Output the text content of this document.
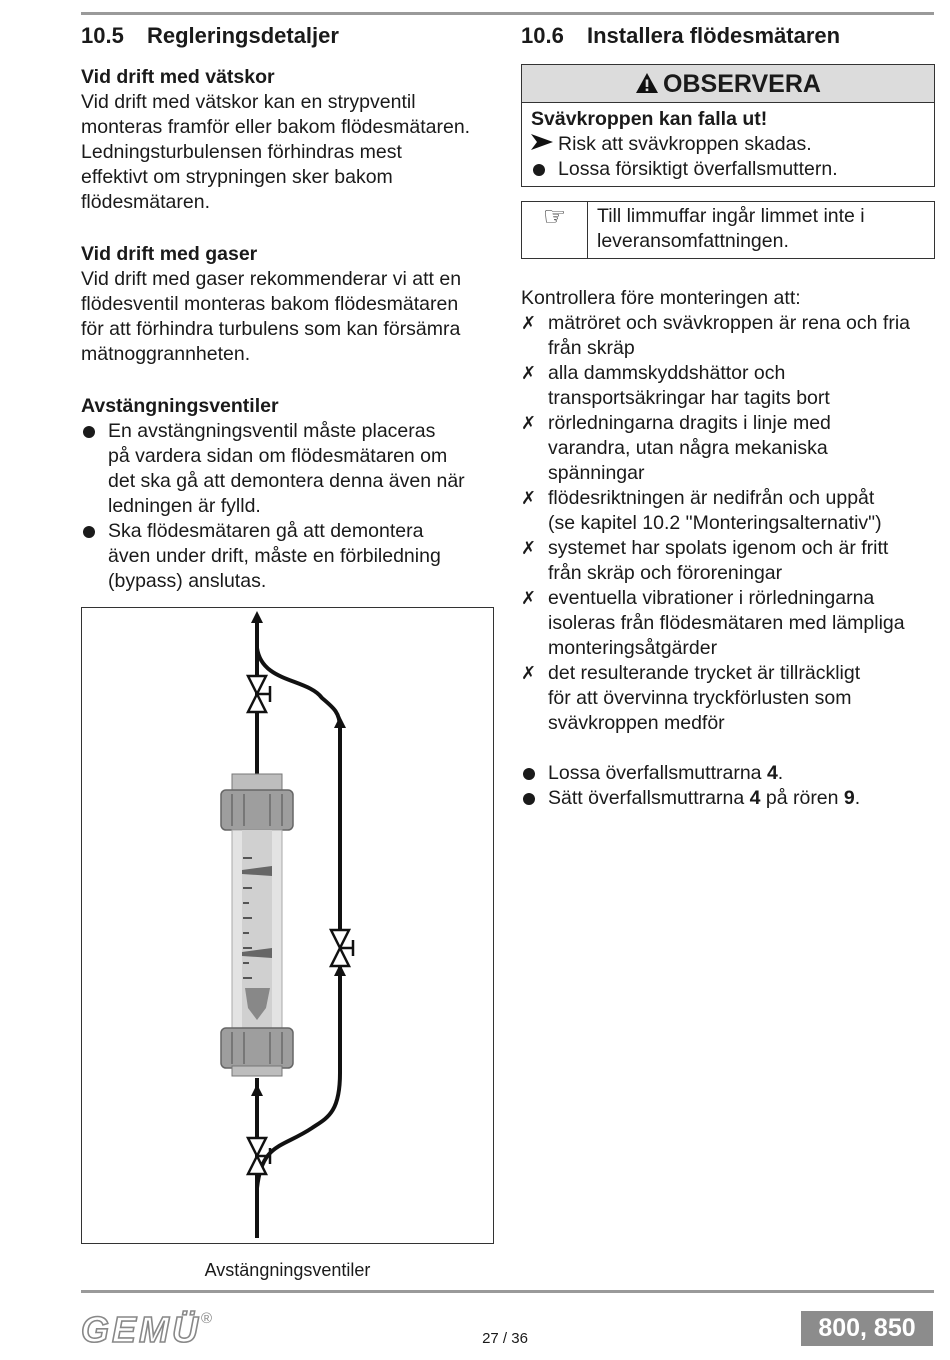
10.5 Regleringsdetaljer
Vid drift med vätskor

Vid drift med vätskor kan en strypventil
monteras framför eller bakom flödesmätaren.
Ledningsturbulensen förhindras mest
effektivt om strypningen sker bakom
flödesmätaren.

Vid drift med gaser

Vid drift med gaser rekommenderar vi att en
flödesventil monteras bakom flödesmätaren
för att förhindra turbulens som kan försämra
mätnoggrannheten.

Avstängningsventiler
En avstängningsventil måste placeras
på vardera sidan om flödesmätaren om
det ska gå att demontera denna även när
ledningen är fylld.
Ska flödesmätaren gå att demontera
även under drift, måste en förbiledning
(bypass) anslutas.
Avstängningsventiler
10.6 Installera flödesmätaren
OBSERVERA
Svävkroppen kan falla ut!
Risk att svävkroppen skadas.
Lossa försiktigt överfallsmuttern.
☞	Till limmuffar ingår limmet inte i
leveransomfattningen.

Kontrollera före monteringen att:

✗ mätröret och svävkroppen är rena och fria
från skräp
✗ alla dammskyddshättor och
transportsäkringar har tagits bort
✗ rörledningarna dragits i linje med
varandra, utan några mekaniska
spänningar
✗ flödesriktningen är nedifrån och uppåt
(se kapitel 10.2 "Monteringsalternativ")
✗ systemet har spolats igenom och är fritt
från skräp och föroreningar
✗ eventuella vibrationer i rörledningarna
isoleras från flödesmätaren med lämpliga
monteringsåtgärder
✗ det resulterande trycket är tillräckligt
för att övervinna tryckförlusten som
svävkroppen medför
Lossa överfallsmuttrarna 4.
Sätt överfallsmuttrarna 4 på rören 9.
GEMÜ®
27 / 36	800, 850
